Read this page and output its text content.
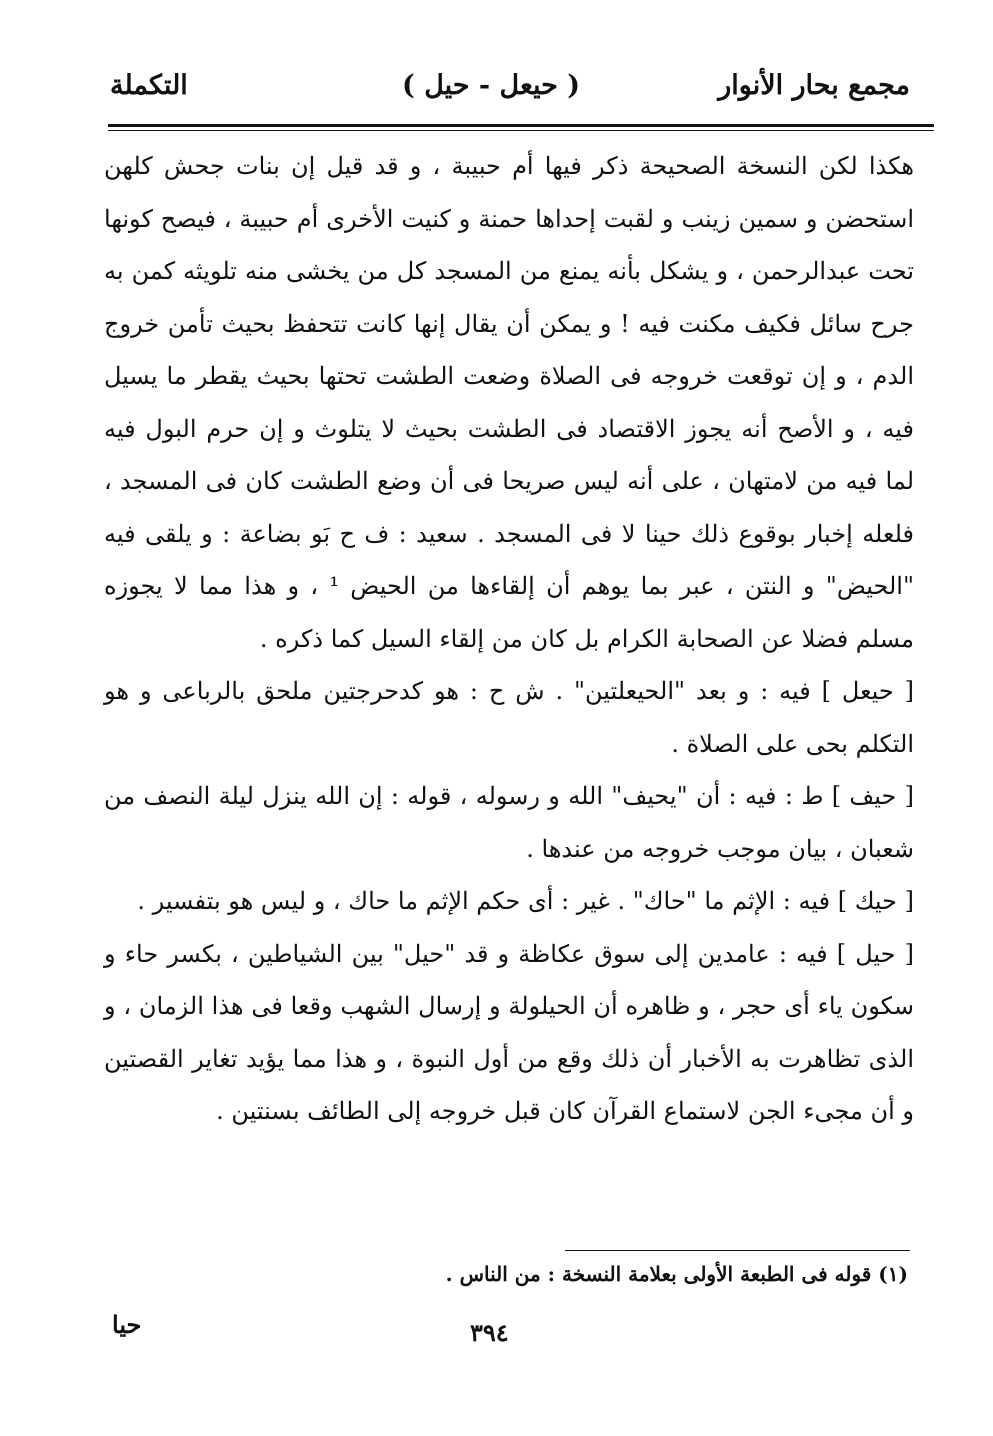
مجمع بحار الأنوار
( حيعل - حيل )
التكملة

هكذا لكن النسخة الصحيحة ذكر فيها أم حبيبة ، و قد قيل إن بنات جحش كلهن استحضن و سمين زينب و لقبت إحداها حمنة و كنيت الأخرى أم حبيبة ، فيصح كونها تحت عبدالرحمن ، و يشكل بأنه يمنع من المسجد كل من يخشى منه تلويثه كمن به جرح سائل فكيف مكنت فيه ! و يمكن أن يقال إنها كانت تتحفظ بحيث تأمن خروج الدم ، و إن توقعت خروجه فى الصلاة وضعت الطشت تحتها بحيث يقطر ما يسيل فيه ، و الأصح أنه يجوز الاقتصاد فى الطشت بحيث لا يتلوث و إن حرم البول فيه لما فيه من لامتهان ، على أنه ليس صريحا فى أن وضع الطشت كان فى المسجد ، فلعله إخبار بوقوع ذلك حينا لا فى المسجد . سعيد : ف ح بَو بضاعة : و يلقى فيه "الحيض" و النتن ، عبر بما يوهم أن إلقاءها من الحيض ¹ ، و هذا مما لا يجوزه مسلم فضلا عن الصحابة الكرام بل كان من إلقاء السيل كما ذكره .

[ حيعل ] فيه : و بعد "الحيعلتين" . ش ح : هو كدحرجتين ملحق بالرباعى و هو التكلم بحى على الصلاة .

[ حيف ] ط : فيه : أن "يحيف" الله و رسوله ، قوله : إن الله ينزل ليلة النصف من شعبان ، بيان موجب خروجه من عندها .

[ حيك ] فيه : الإثم ما "حاك" . غير : أى حكم الإثم ما حاك ، و ليس هو بتفسير .

[ حيل ] فيه : عامدين إلى سوق عكاظة و قد "حيل" بين الشياطين ، بكسر حاء و سكون ياء أى حجر ، و ظاهره أن الحيلولة و إرسال الشهب وقعا فى هذا الزمان ، و الذى تظاهرت به الأخبار أن ذلك وقع من أول النبوة ، و هذا مما يؤيد تغاير القصتين و أن مجىء الجن لاستماع القرآن كان قبل خروجه إلى الطائف بسنتين .

(١) قوله فى الطبعة الأولى بعلامة النسخة : من الناس .
٣٩٤
حيا
